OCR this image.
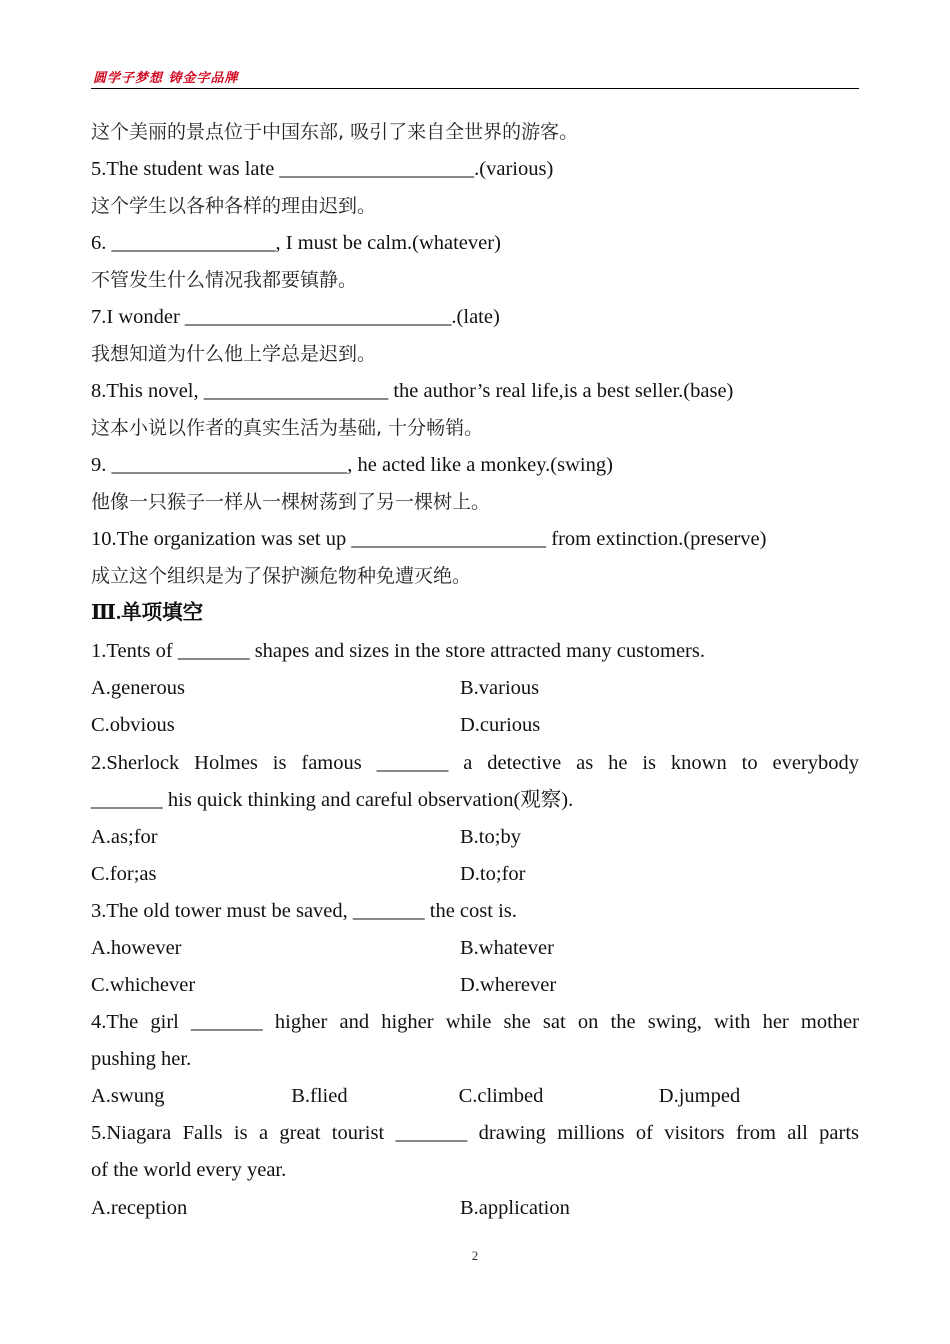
圆学子梦想 铸金字品牌
这个美丽的景点位于中国东部, 吸引了来自全世界的游客。
5.The student was late ___________________.(various)
这个学生以各种各样的理由迟到。
6. ________________, I must be calm.(whatever)
不管发生什么情况我都要镇静。
7.I wonder __________________________.(late)
我想知道为什么他上学总是迟到。
8.This novel, __________________ the author’s real life,is a best seller.(base)
这本小说以作者的真实生活为基础, 十分畅销。
9. _______________________, he acted like a monkey.(swing)
他像一只猴子一样从一棵树荡到了另一棵树上。
10.The organization was set up ___________________ from extinction.(preserve)
成立这个组织是为了保护濒危物种免遭灭绝。
Ⅲ.单项填空
1.Tents of _______ shapes and sizes in the store attracted many customers.
A.generous	B.various
C.obvious	D.curious
2.Sherlock Holmes is famous _______ a detective as he is known to everybody
_______ his quick thinking and careful observation(观察).
A.as;for	B.to;by
C.for;as	D.to;for
3.The old tower must be saved, _______ the cost is.
A.however	B.whatever
C.whichever	D.wherever
4.The girl _______ higher and higher while she sat on the swing, with her mother
pushing her.
A.swung	B.flied	C.climbed	D.jumped
5.Niagara Falls is a great tourist _______ drawing millions of visitors from all parts
of the world every year.
A.reception	B.application
2
